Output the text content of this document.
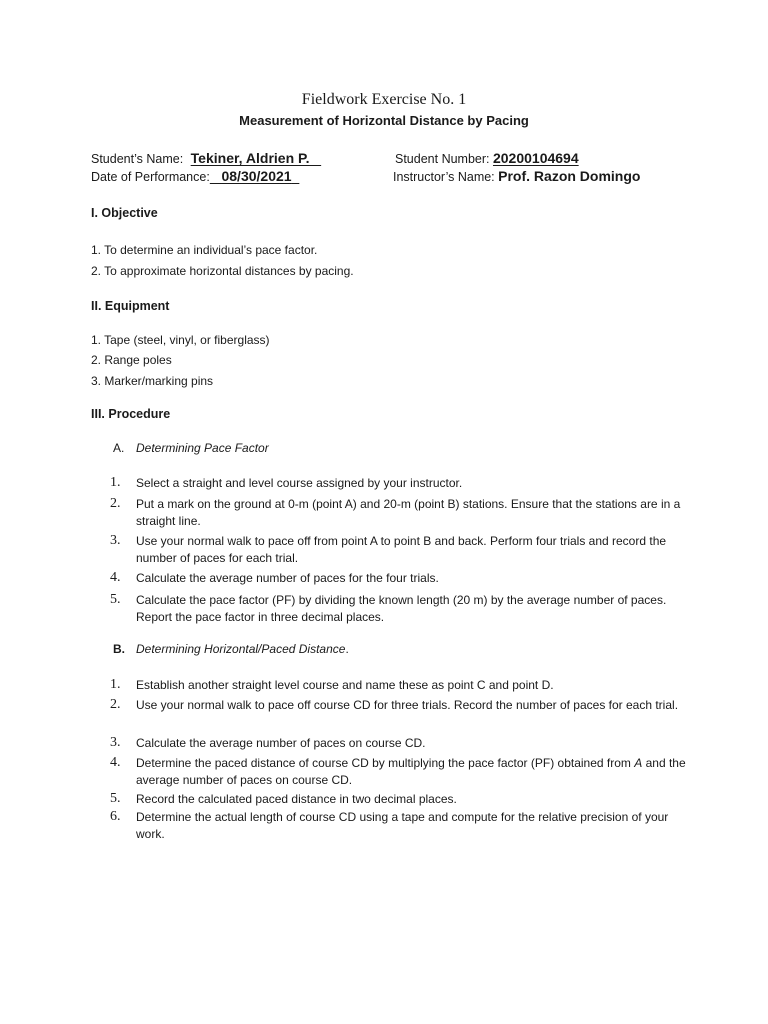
Fieldwork Exercise No. 1
Measurement of Horizontal Distance by Pacing
Student’s Name: Tekiner, Aldrien P.	Student Number: 20200104694
Date of Performance: 08/30/2021	Instructor’s Name: Prof. Razon Domingo
I. Objective
1. To determine an individual’s pace factor.
2. To approximate horizontal distances by pacing.
II. Equipment
1. Tape (steel, vinyl, or fiberglass)
2. Range poles
3. Marker/marking pins
III. Procedure
A. Determining Pace Factor
1.	Select a straight and level course assigned by your instructor.
2.	Put a mark on the ground at 0-m (point A) and 20-m (point B) stations. Ensure that the stations are in a straight line.
3.	Use your normal walk to pace off from point A to point B and back. Perform four trials and record the number of paces for each trial.
4.	Calculate the average number of paces for the four trials.
5.	Calculate the pace factor (PF) by dividing the known length (20 m) by the average number of paces. Report the pace factor in three decimal places.
B. Determining Horizontal/Paced Distance.
1.	Establish another straight level course and name these as point C and point D.
2.	Use your normal walk to pace off course CD for three trials. Record the number of paces for each trial.
3.	Calculate the average number of paces on course CD.
4.	Determine the paced distance of course CD by multiplying the pace factor (PF) obtained from A and the average number of paces on course CD.
5.	Record the calculated paced distance in two decimal places.
6.	Determine the actual length of course CD using a tape and compute for the relative precision of your work.
